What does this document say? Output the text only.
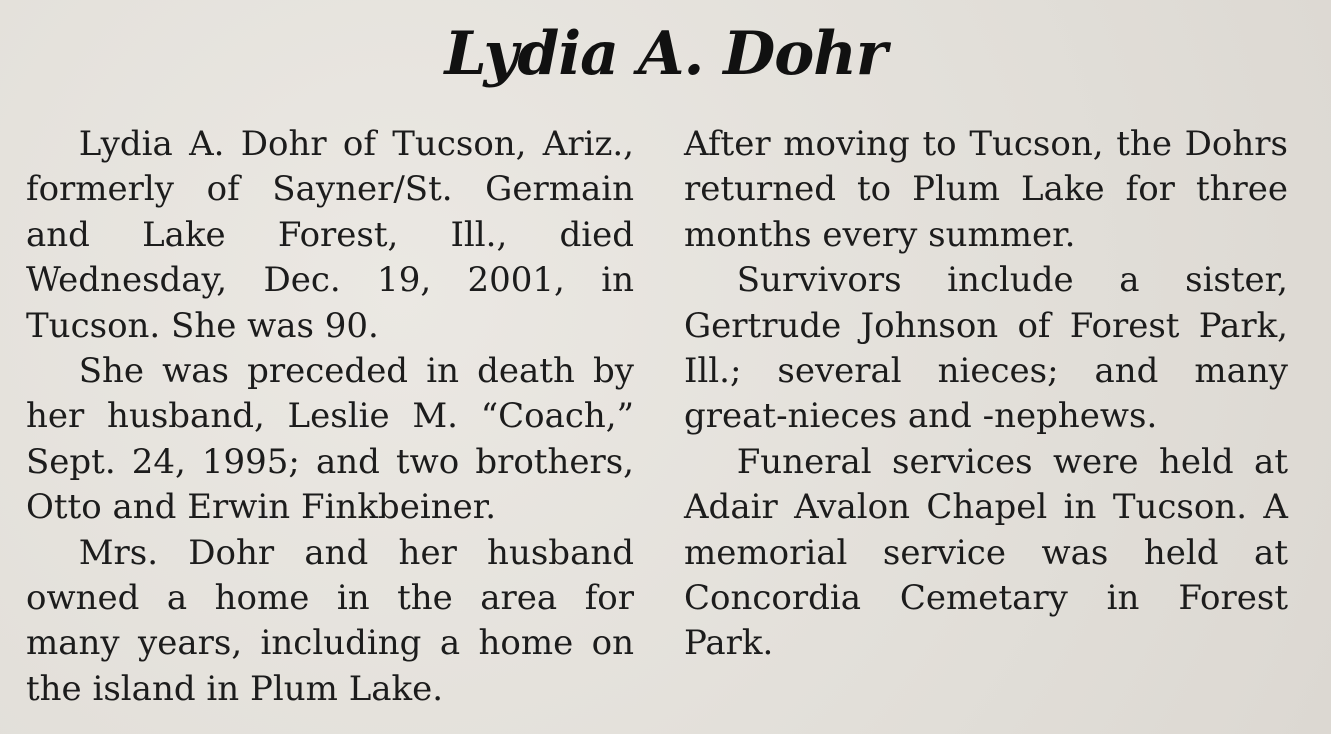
Lydia A. Dohr

Lydia A. Dohr of Tucson, Ariz., formerly of Sayner/St. Germain and Lake Forest, Ill., died Wednesday, Dec. 19, 2001, in Tucson. She was 90.

She was preceded in death by her husband, Leslie M. “Coach,” Sept. 24, 1995; and two brothers, Otto and Erwin Finkbeiner.

Mrs. Dohr and her husband owned a home in the area for many years, including a home on the island in Plum Lake.

After moving to Tucson, the Dohrs returned to Plum Lake for three months every summer.

Survivors include a sister, Gertrude Johnson of Forest Park, Ill.; several nieces; and many great-nieces and -nephews.

Funeral services were held at Adair Avalon Chapel in Tucson. A memorial service was held at Concordia Cemetary in Forest Park.
